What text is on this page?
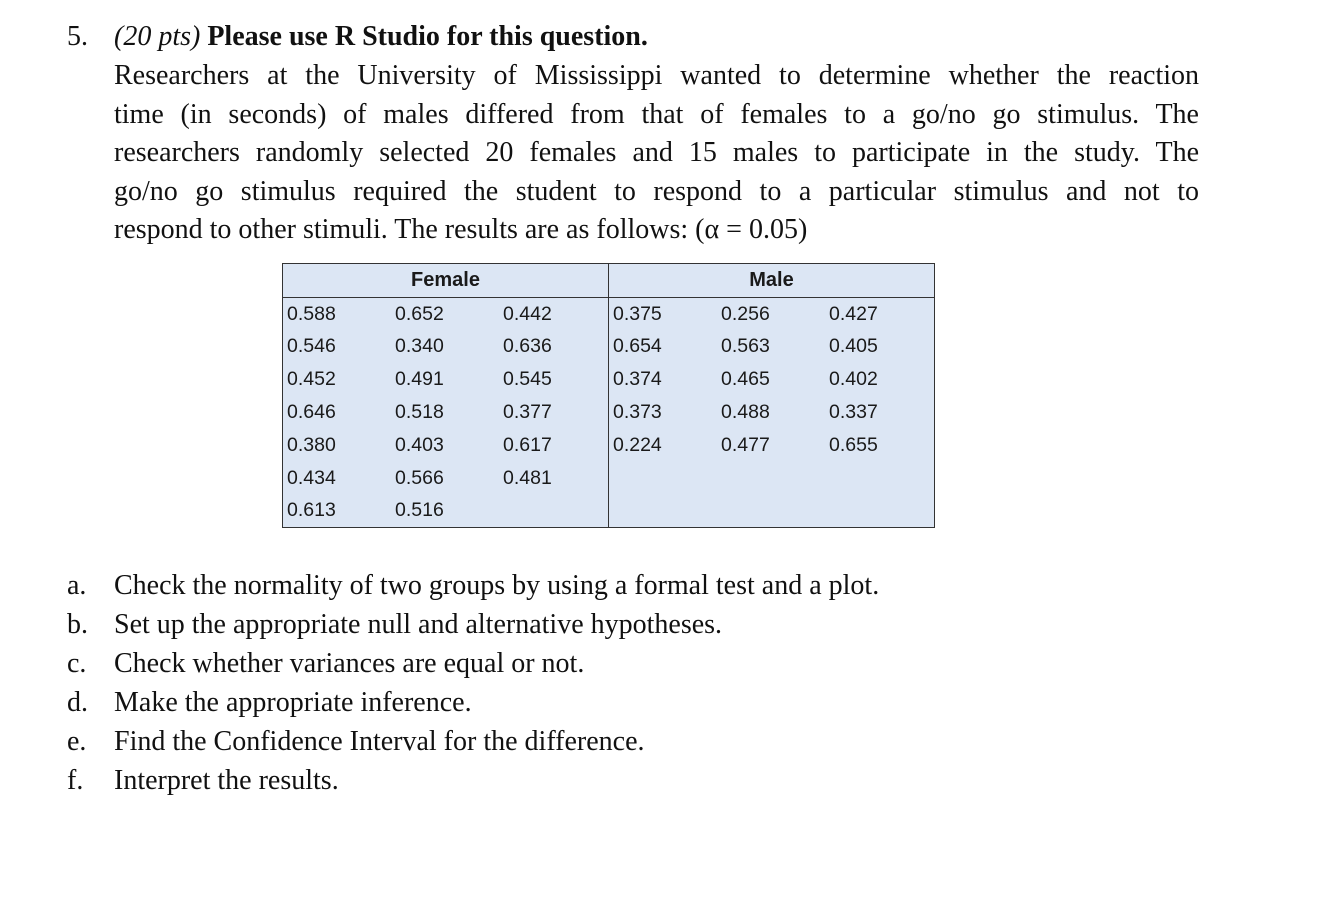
5. (20 pts) Please use R Studio for this question.
Researchers at the University of Mississippi wanted to determine whether the reaction
time (in seconds) of males differed from that of females to a go/no go stimulus. The
researchers randomly selected 20 females and 15 males to participate in the study. The
go/no go stimulus required the student to respond to a particular stimulus and not to
respond to other stimuli. The results are as follows: (α = 0.05)
Female			Male		
0.588	0.652	0.442	0.375	0.256	0.427
0.546	0.340	0.636	0.654	0.563	0.405
0.452	0.491	0.545	0.374	0.465	0.402
0.646	0.518	0.377	0.373	0.488	0.337
0.380	0.403	0.617	0.224	0.477	0.655
0.434	0.566	0.481			
0.613	0.516				
a. Check the normality of two groups by using a formal test and a plot.
b. Set up the appropriate null and alternative hypotheses.
c. Check whether variances are equal or not.
d. Make the appropriate inference.
e. Find the Confidence Interval for the difference.
f.	Interpret the results.
